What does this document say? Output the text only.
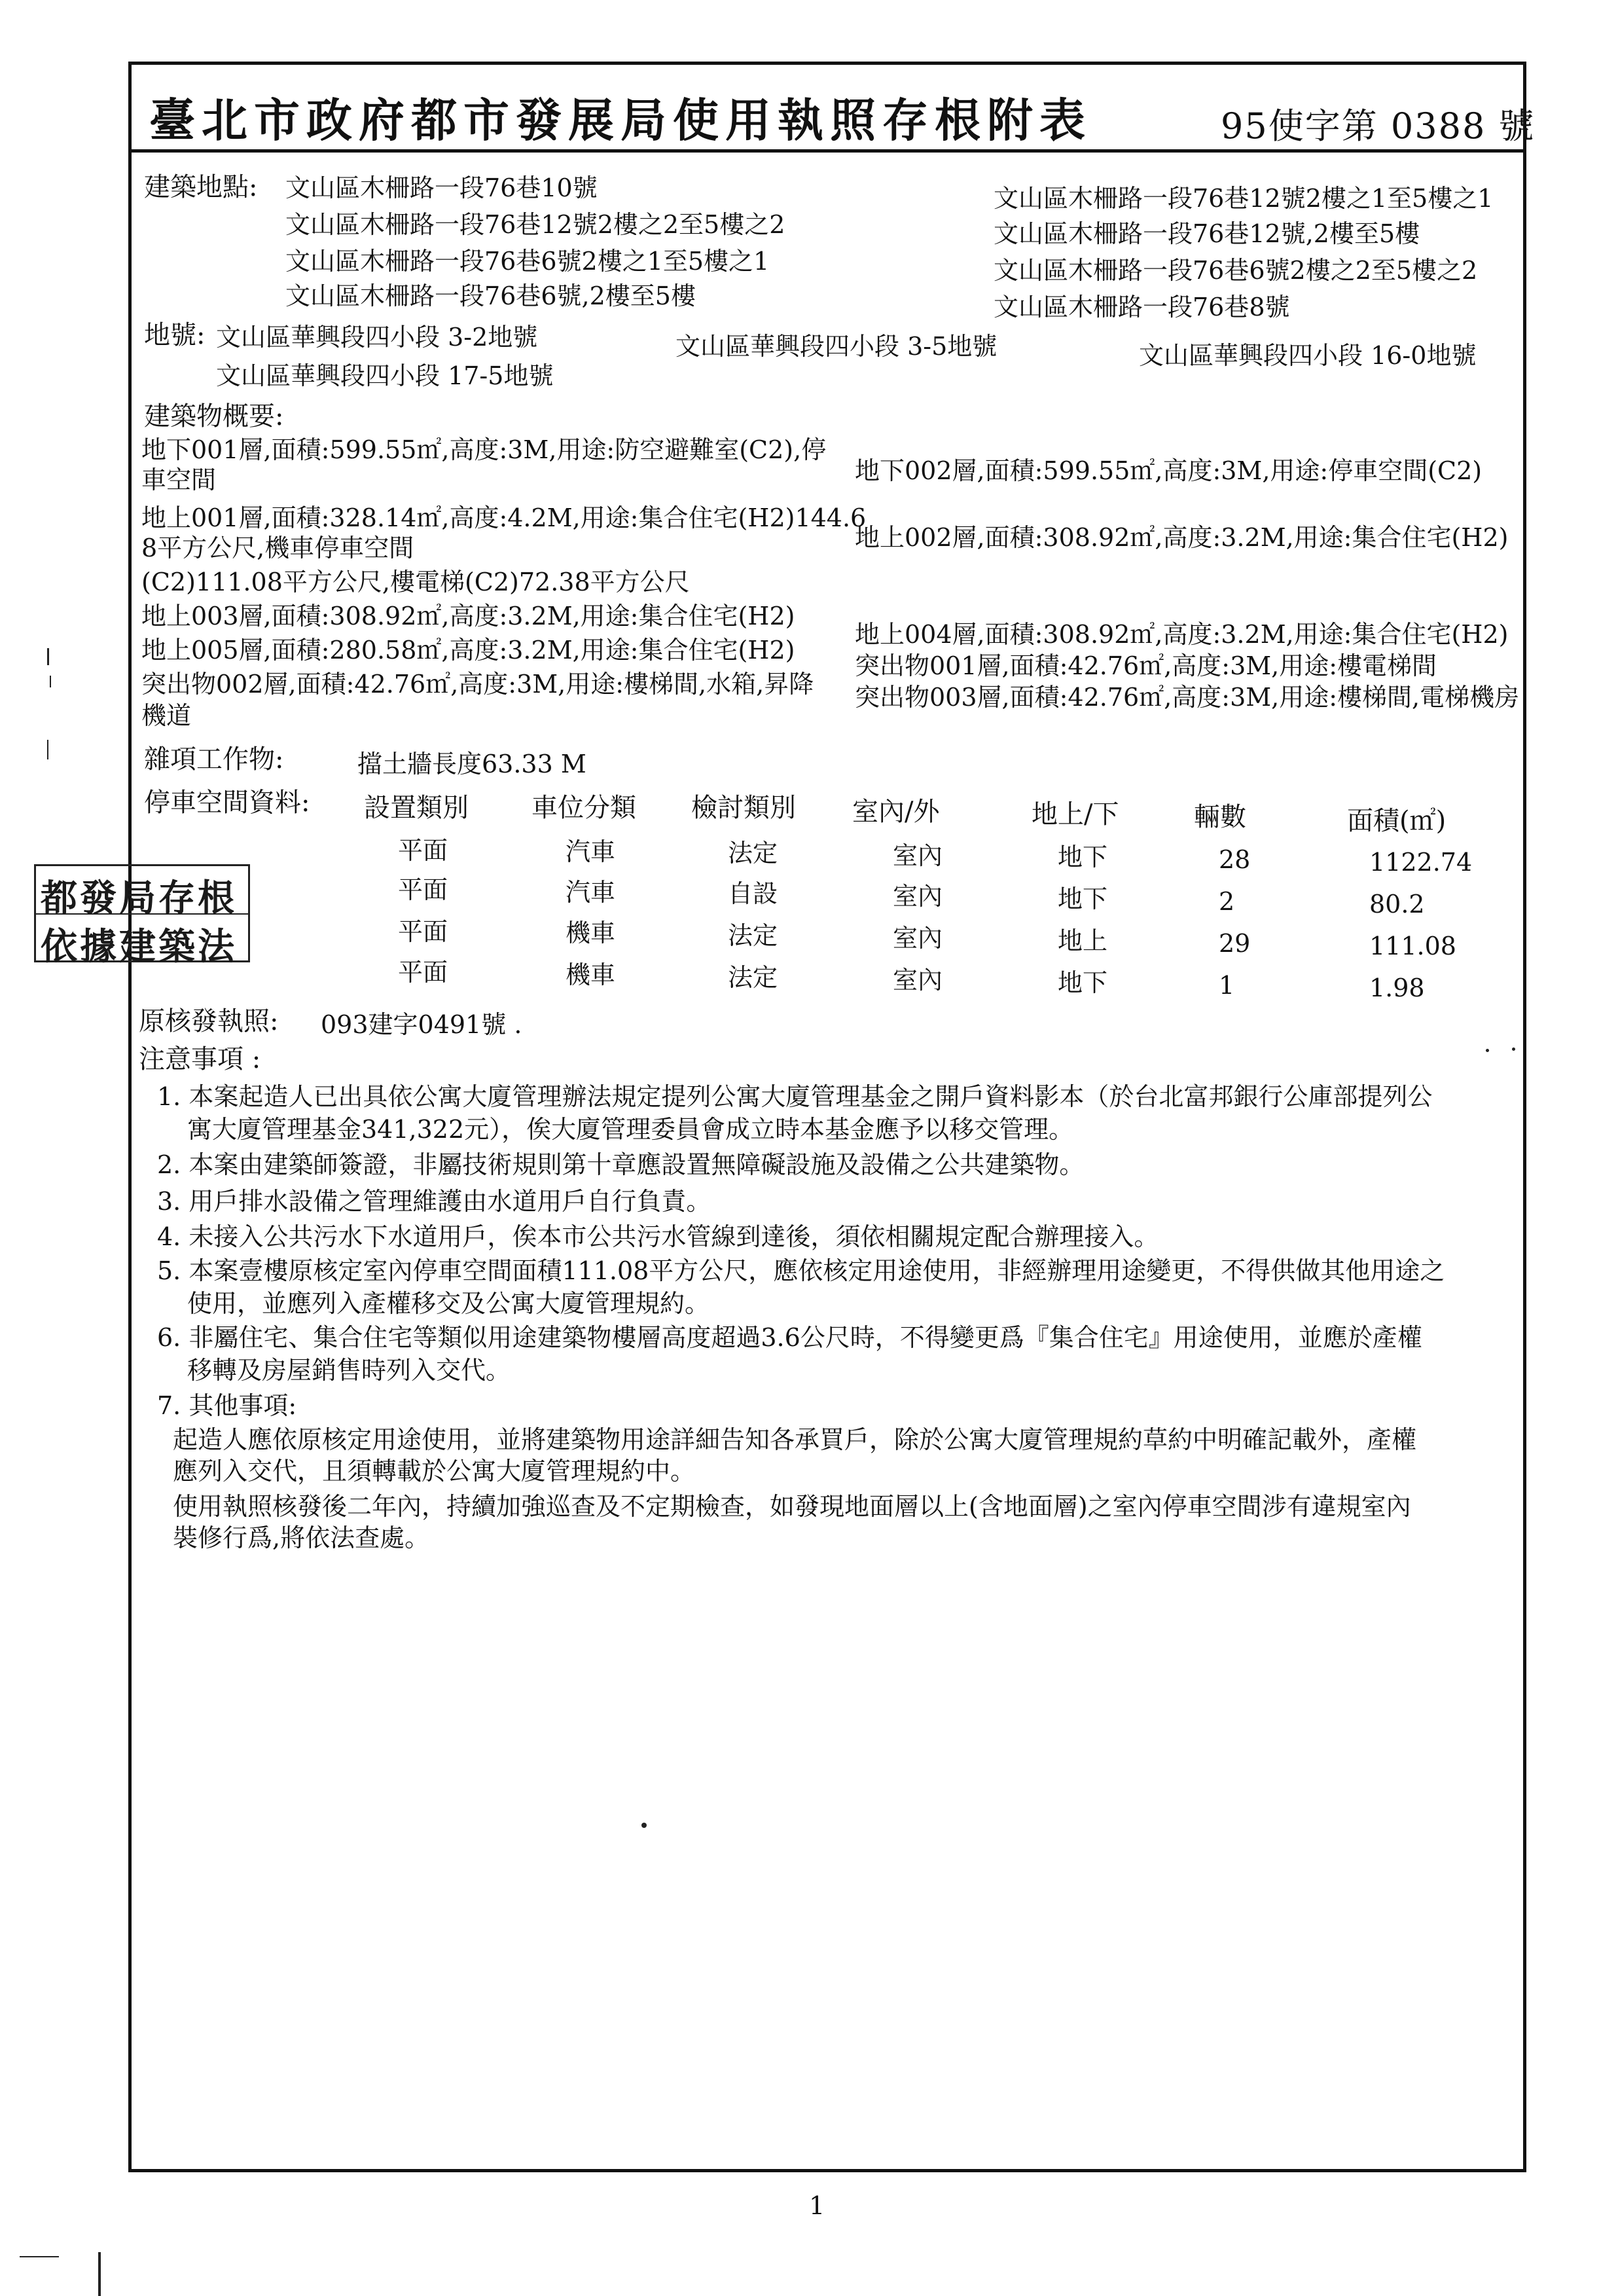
臺北市政府都市發展局使用執照存根附表	95使字第 0388 號
建築地點: 文山區木柵路一段76巷10號
文山區木柵路一段76巷12號2樓之2至5樓之2
文山區木柵路一段76巷6號2樓之1至5樓之1
文山區木柵路一段76巷6號,2樓至5樓
文山區木柵路一段76巷12號2樓之1至5樓之1
文山區木柵路一段76巷12號,2樓至5樓
文山區木柵路一段76巷6號2樓之2至5樓之2
文山區木柵路一段76巷8號
地號: 文山區華興段四小段 3-2地號	文山區華興段四小段 3-5地號	文山區華興段四小段 16-0地號
文山區華興段四小段 17-5地號
建築物概要:
地下001層,面積:599.55㎡,高度:3M,用途:防空避難室(C2),停
車空間
地上001層,面積:328.14㎡,高度:4.2M,用途:集合住宅(H2)144.6
8平方公尺,機車停車空間
(C2)111.08平方公尺,樓電梯(C2)72.38平方公尺
地上003層,面積:308.92㎡,高度:3.2M,用途:集合住宅(H2)
地上005層,面積:280.58㎡,高度:3.2M,用途:集合住宅(H2)
突出物002層,面積:42.76㎡,高度:3M,用途:樓梯間,水箱,昇降
機道
地下002層,面積:599.55㎡,高度:3M,用途:停車空間(C2)
地上002層,面積:308.92㎡,高度:3.2M,用途:集合住宅(H2)
地上004層,面積:308.92㎡,高度:3.2M,用途:集合住宅(H2)
突出物001層,面積:42.76㎡,高度:3M,用途:樓電梯間
突出物003層,面積:42.76㎡,高度:3M,用途:樓梯間,電梯機房
雜項工作物:	擋土牆長度63.33 M
停車空間資料: 設置類別 車位分類 檢討類別 室內/外	地上/下	輛數	面積(㎡)
平面	汽車	法定	室內	地下	28	1122.74
平面	汽車	自設	室內	地下	2	80.2
平面	機車	法定	室內	地上	29	111.08
平面	機車	法定	室內	地下	1	1.98
都發局存根
依據建築法
原核發執照: 093建字0491號 .
注意事項 :
1. 本案起造人已出具依公寓大廈管理辦法規定提列公寓大廈管理基金之開戶資料影本（於台北富邦銀行公庫部提列公
寓大廈管理基金341,322元），俟大廈管理委員會成立時本基金應予以移交管理。
2. 本案由建築師簽證，非屬技術規則第十章應設置無障礙設施及設備之公共建築物。
3. 用戶排水設備之管理維護由水道用戶自行負責。
4. 未接入公共污水下水道用戶，俟本市公共污水管線到達後，須依相關規定配合辦理接入。
5. 本案壹樓原核定室內停車空間面積111.08平方公尺，應依核定用途使用，非經辦理用途變更，不得供做其他用途之
使用，並應列入產權移交及公寓大廈管理規約。
6. 非屬住宅、集合住宅等類似用途建築物樓層高度超過3.6公尺時，不得變更爲『集合住宅』用途使用，並應於產權
移轉及房屋銷售時列入交代。
7. 其他事項:
起造人應依原核定用途使用，並將建築物用途詳細告知各承買戶，除於公寓大廈管理規約草約中明確記載外，產權
應列入交代，且須轉載於公寓大廈管理規約中。
使用執照核發後二年內，持續加強巡查及不定期檢查，如發現地面層以上(含地面層)之室內停車空間涉有違規室內
裝修行爲,將依法查處。
1
